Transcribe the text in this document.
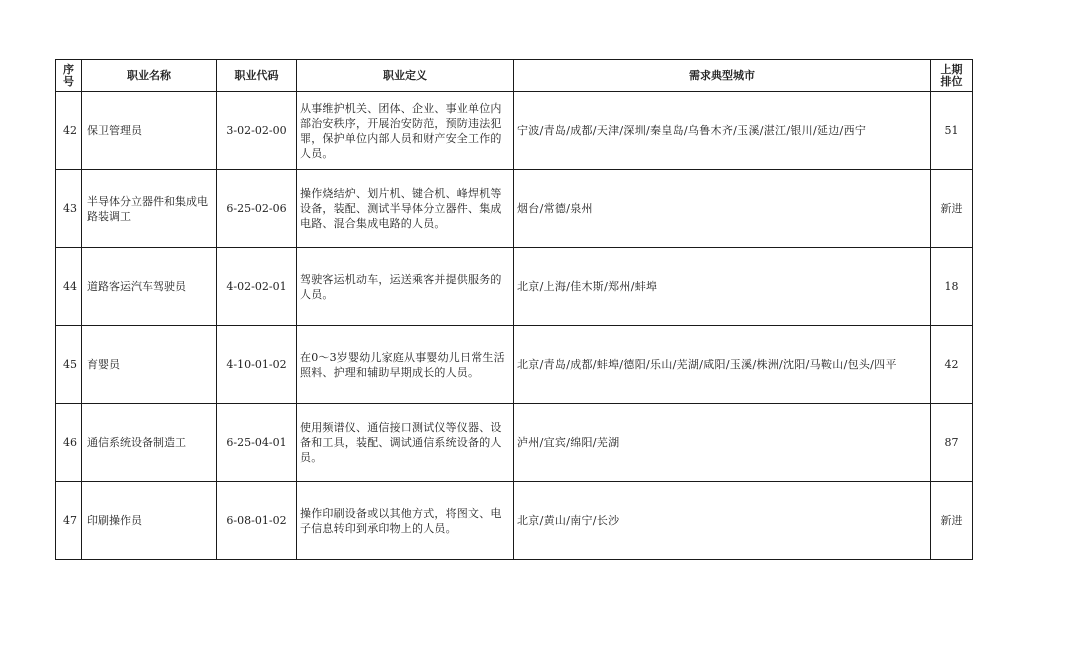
序号	职业名称	职业代码	职业定义	需求典型城市	上期排位
42	保卫管理员	3-02-02-00	从事维护机关、团体、企业、事业单位内部治安秩序，开展治安防范，预防违法犯罪，保护单位内部人员和财产安全工作的人员。	宁波/青岛/成都/天津/深圳/秦皇岛/乌鲁木齐/玉溪/湛江/银川/延边/西宁	51
43	半导体分立器件和集成电路装调工	6-25-02-06	操作烧结炉、划片机、键合机、峰焊机等设备，装配、测试半导体分立器件、集成电路、混合集成电路的人员。	烟台/常德/泉州	新进
44	道路客运汽车驾驶员	4-02-02-01	驾驶客运机动车，运送乘客并提供服务的人员。	北京/上海/佳木斯/郑州/蚌埠	18
45	育婴员	4-10-01-02	在0～3岁婴幼儿家庭从事婴幼儿日常生活照料、护理和辅助早期成长的人员。	北京/青岛/成都/蚌埠/德阳/乐山/芜湖/咸阳/玉溪/株洲/沈阳/马鞍山/包头/四平	42
46	通信系统设备制造工	6-25-04-01	使用频谱仪、通信接口测试仪等仪器、设备和工具，装配、调试通信系统设备的人员。	泸州/宜宾/绵阳/芜湖	87
47	印刷操作员	6-08-01-02	操作印刷设备或以其他方式，将图文、电子信息转印到承印物上的人员。	北京/黄山/南宁/长沙	新进
